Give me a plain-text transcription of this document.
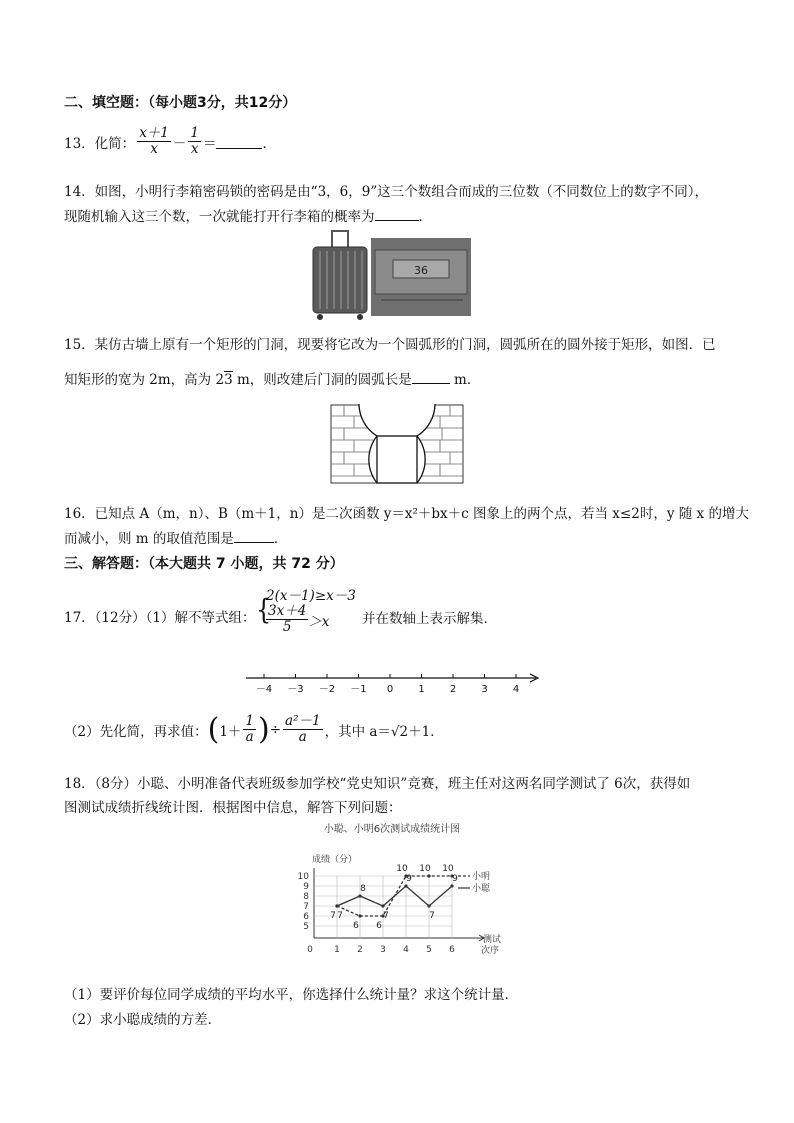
二、填空题：（每小题3分，共12分）
13．化简： $\frac{x+1}{x} - \frac{1}{x}$ ＝	．
14．如图，小明行李箱密码锁的密码是由“3，6，9”这三个数组合而成的三位数（不同数位上的数字不同），
现随机输入这三个数，一次就能打开行李箱的概率为	．
36
15．某仿古墙上原有一个矩形的门洞，现要将它改为一个圆弧形的门洞，圆弧所在的圆外接于矩形，如图．已
知矩形的宽为 2m，高为 23 m，则改建后门洞的圆弧长是	m．
16．已知点 A（m，n）、B（m＋1，n）是二次函数 y＝x²＋bx＋c 图象上的两个点，若当 x≤2时，y 随 x 的增大
而减小，则 m 的取值范围是	．
三、解答题：（本大题共 7 小题，共 72 分）
17．（12分）（1）解不等式组： {
2(x－1)≥x－3
$\frac{3x+4}{5} >x$ 并在数轴上表示解集．
－4 －3 －2 －1 0	1	2	3	4
（2）先化简，再求值： ( $1+ \frac{1}{a}$ ) ÷ $\frac{\text{a²－1}}{a}$ ，其中 a＝√2＋1．
18．（8分）小聪、小明准备代表班级参加学校“党史知识”竞赛，班主任对这两名同学测试了 6次，获得如
图测试成绩折线统计图．根据图中信息，解答下列问题：
小聪、小明6次测试成绩统计图
成绩（分）
5
6
7
8
9
10
0 1 2 3 4 5 6
测试
次序
7
6 6
10 10 10
小明
7
8
7
9
7
9
小聪
（1）要评价每位同学成绩的平均水平，你选择什么统计量？求这个统计量．
（2）求小聪成绩的方差．
